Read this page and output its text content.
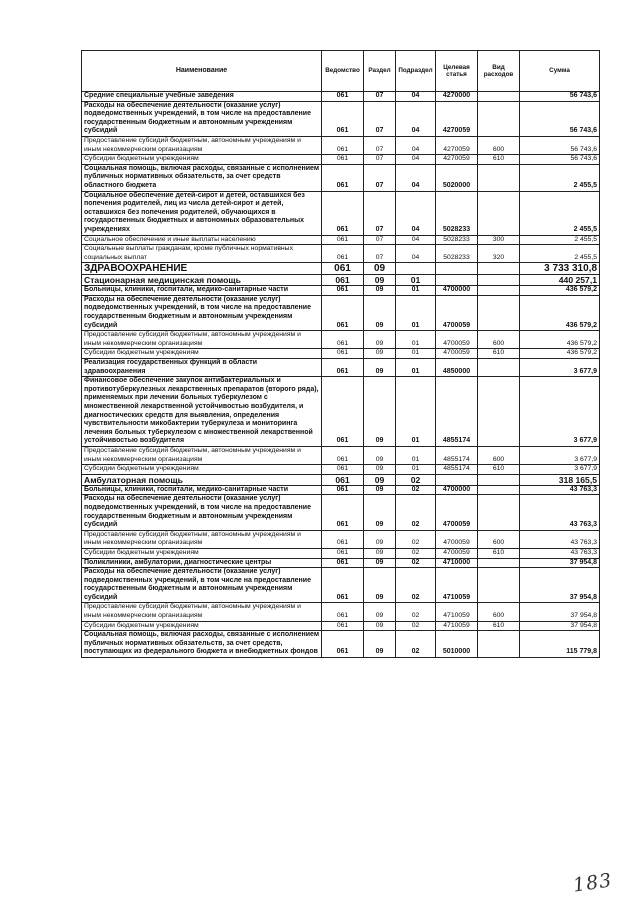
Наименование	Ведомство	Раздел	Подраздел	Целевая статья	Вид расходов	Сумма
Средние специальные учебные заведения	061	07	04	4270000		56 743,6
Расходы на обеспечение деятельности (оказание услуг) подведомственных учреждений, в том числе на предоставление государственным бюджетным и автономным учреждениям субсидий	061	07	04	4270059		56 743,6
Предоставление субсидий бюджетным, автономным учреждениям и иным некоммерческим организациям	061	07	04	4270059	600	56 743,6
Субсидии бюджетным учреждениям	061	07	04	4270059	610	56 743,6
Социальная помощь, включая расходы, связанные с исполнением публичных нормативных обязательств, за счет средств областного бюджета	061	07	04	5020000		2 455,5
Социальное обеспечение детей-сирот и детей, оставшихся без попечения родителей, лиц из числа детей-сирот и детей, оставшихся без попечения родителей, обучающихся в государственных бюджетных и автономных образовательных учреждениях	061	07	04	5028233		2 455,5
Социальное обеспечение и иные выплаты населению	061	07	04	5028233	300	2 455,5
Социальные выплаты гражданам, кроме публичных нормативных социальных выплат	061	07	04	5028233	320	2 455,5
ЗДРАВООХРАНЕНИЕ	061	09				3 733 310,8
Стационарная медицинская помощь	061	09	01			440 257,1
Больницы, клиники, госпитали, медико-санитарные части	061	09	01	4700000		436 579,2
Расходы на обеспечение деятельности (оказание услуг) подведомственных учреждений, в том числе на предоставление государственным бюджетным и автономным учреждениям субсидий	061	09	01	4700059		436 579,2
Предоставление субсидий бюджетным, автономным учреждениям и иным некоммерческим организациям	061	09	01	4700059	600	436 579,2
Субсидии бюджетным учреждениям	061	09	01	4700059	610	436 579,2
Реализация государственных функций в области здравоохранения	061	09	01	4850000		3 677,9
Финансовое обеспечение закупок антибактериальных и противотуберкулезных лекарственных препаратов (второго ряда), применяемых при лечении больных туберкулезом с множественной лекарственной устойчивостью возбудителя, и диагностических средств для выявления, определения чувствительности микобактерии туберкулеза и мониторинга лечения больных туберкулезом с множественной лекарственной устойчивостью возбудителя	061	09	01	4855174		3 677,9
Предоставление субсидий бюджетным, автономным учреждениям и иным некоммерческим организациям	061	09	01	4855174	600	3 677,9
Субсидии бюджетным учреждениям	061	09	01	4855174	610	3 677,9
Амбулаторная помощь	061	09	02			318 165,5
Больницы, клиники, госпитали, медико-санитарные части	061	09	02	4700000		43 763,3
Расходы на обеспечение деятельности (оказание услуг) подведомственных учреждений, в том числе на предоставление государственным бюджетным и автономным учреждениям субсидий	061	09	02	4700059		43 763,3
Предоставление субсидий бюджетным, автономным учреждениям и иным некоммерческим организациям	061	09	02	4700059	600	43 763,3
Субсидии бюджетным учреждениям	061	09	02	4700059	610	43 763,3
Поликлиники, амбулатории, диагностические центры	061	09	02	4710000		37 954,8
Расходы на обеспечение деятельности (оказание услуг) подведомственных учреждений, в том числе на предоставление государственным бюджетным и автономным учреждениям субсидий	061	09	02	4710059		37 954,8
Предоставление субсидий бюджетным, автономным учреждениям и иным некоммерческим организациям	061	09	02	4710059	600	37 954,8
Субсидии бюджетным учреждениям	061	09	02	4710059	610	37 954,8
Социальная помощь, включая расходы, связанные с исполнением публичных нормативных обязательств, за счет средств, поступающих из федерального бюджета и внебюджетных фондов	061	09	02	5010000		115 779,8
183
